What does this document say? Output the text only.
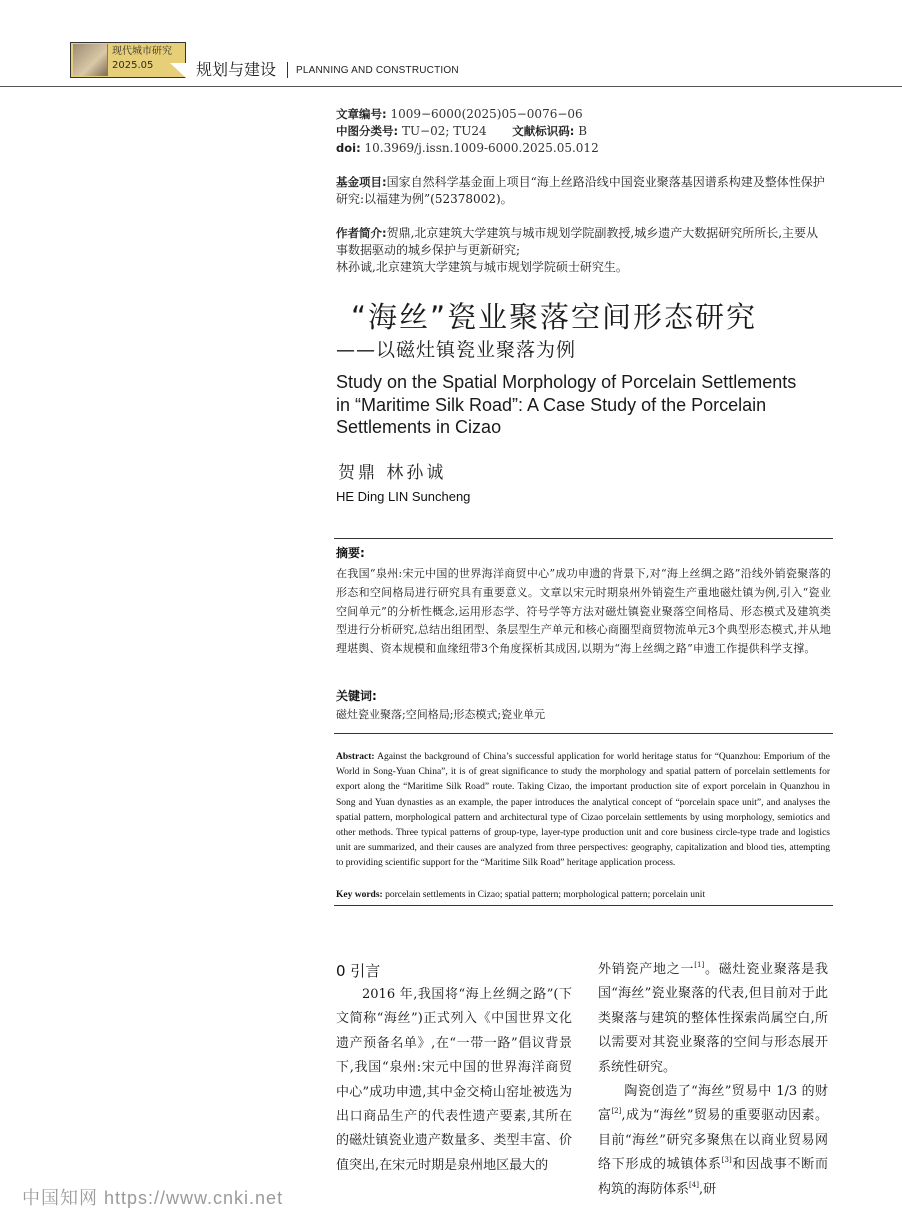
现代城市研究
2025.05	规划与建设 PLANNING AND CONSTRUCTION
文章编号: 1009−6000(2025)05−0076−06
中图分类号: TU−02; TU24 文献标识码: B
doi: 10.3969/j.issn.1009-6000.2025.05.012
基金项目:国家自然科学基金面上项目“海上丝路沿线中国瓷业聚落基因谱系构建及整体性保护研究:以福建为例”(52378002)。
作者简介:贺鼎,北京建筑大学建筑与城市规划学院副教授,城乡遗产大数据研究所所长,主要从事数据驱动的城乡保护与更新研究;
林孙诚,北京建筑大学建筑与城市规划学院硕士研究生。
“海丝”瓷业聚落空间形态研究
——以磁灶镇瓷业聚落为例
Study on the Spatial Morphology of Porcelain Settlements
in “Maritime Silk Road”: A Case Study of the Porcelain
Settlements in Cizao
贺鼎 林孙诚
HE Ding LIN Suncheng
摘要:
在我国“泉州:宋元中国的世界海洋商贸中心”成功申遗的背景下,对“海上丝绸之路”沿线外销瓷聚落的形态和空间格局进行研究具有重要意义。文章以宋元时期泉州外销瓷生产重地磁灶镇为例,引入“瓷业空间单元”的分析性概念,运用形态学、符号学等方法对磁灶镇瓷业聚落空间格局、形态模式及建筑类型进行分析研究,总结出组团型、条层型生产单元和核心商圈型商贸物流单元3个典型形态模式,并从地理堪舆、资本规模和血缘纽带3个角度探析其成因,以期为“海上丝绸之路”申遗工作提供科学支撑。
关键词:
磁灶瓷业聚落;空间格局;形态模式;瓷业单元
Abstract: Against the background of China’s successful application for world heritage status for “Quanzhou: Emporium of the World in Song-Yuan China”, it is of great significance to study the morphology and spatial pattern of porcelain settlements for export along the “Maritime Silk Road” route. Taking Cizao, the important production site of export porcelain in Quanzhou in Song and Yuan dynasties as an example, the paper introduces the analytical concept of “porcelain space unit”, and analyses the spatial pattern, morphological pattern and architectural type of Cizao porcelain settlements by using morphology, semiotics and other methods. Three typical patterns of group-type, layer-type production unit and core business circle-type trade and logistics unit are summarized, and their causes are analyzed from three perspectives: geography, capitalization and blood ties, attempting to providing scientific support for the “Maritime Silk Road” heritage application process.
Key words: porcelain settlements in Cizao; spatial pattern; morphological pattern; porcelain unit
0 引言
2016 年,我国将“海上丝绸之路”(下文简称“海丝”)正式列入《中国世界文化遗产预备名单》,在“一带一路”倡议背景下,我国“泉州:宋元中国的世界海洋商贸中心”成功申遗,其中金交椅山窑址被选为出口商品生产的代表性遗产要素,其所在的磁灶镇瓷业遗产数量多、类型丰富、价值突出,在宋元时期是泉州地区最大的
外销瓷产地之一[1]。磁灶瓷业聚落是我国“海丝”瓷业聚落的代表,但目前对于此类聚落与建筑的整体性探索尚属空白,所以需要对其瓷业聚落的空间与形态展开系统性研究。
陶瓷创造了“海丝”贸易中 1/3 的财富[2],成为“海丝”贸易的重要驱动因素。目前“海丝”研究多聚焦在以商业贸易网络下形成的城镇体系[3]和因战事不断而构筑的海防体系[4],研
中国知网 https://www.cnki.net
